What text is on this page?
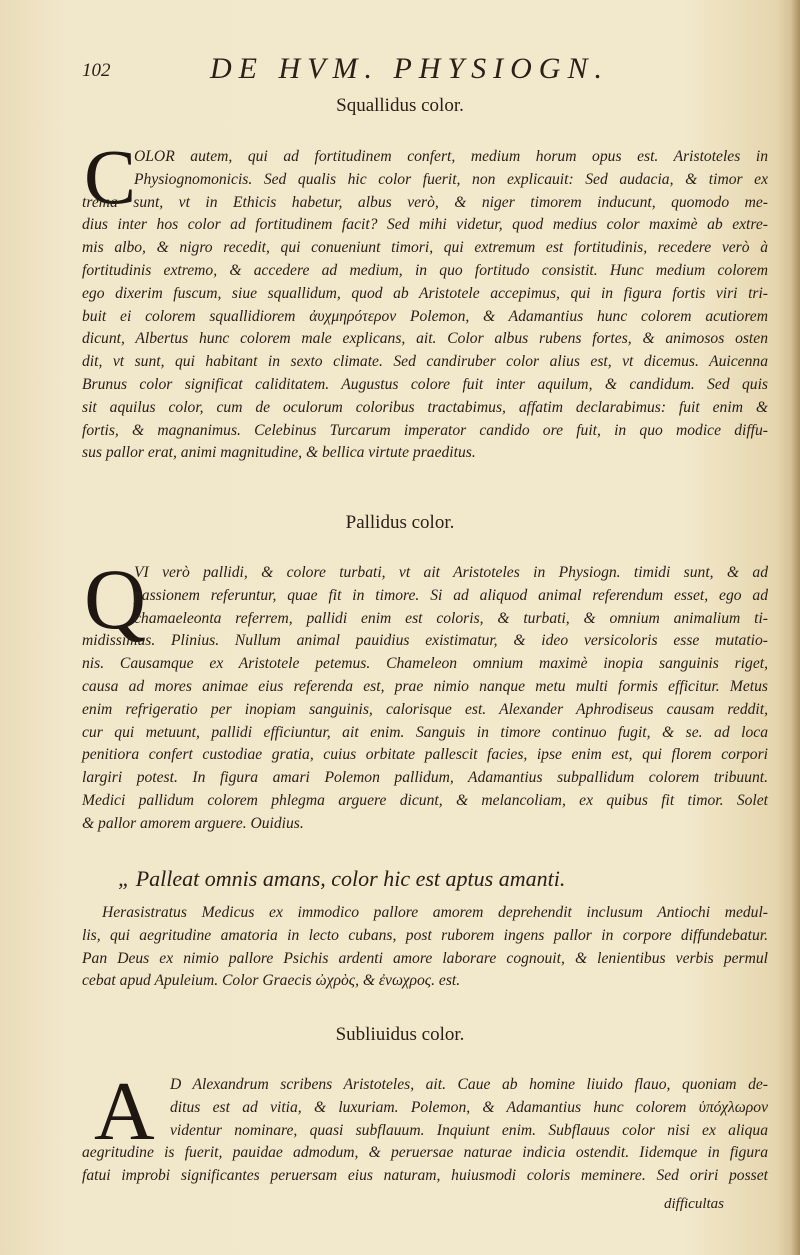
102	DE HVM. PHYSIOGN.
Squallidus color.
C
OLOR autem, qui ad fortitudinem confert, medium horum opus est. Aristoteles in
Physiognomonicis. Sed qualis hic color fuerit, non explicauit: Sed audacia, & timor ex
trema sunt, vt in Ethicis habetur, albus verò, & niger timorem inducunt, quomodo me-
dius inter hos color ad fortitudinem facit? Sed mihi videtur, quod medius color maximè ab extre-
mis albo, & nigro recedit, qui conueniunt timori, qui extremum est fortitudinis, recedere verò à
fortitudinis extremo, & accedere ad medium, in quo fortitudo consistit. Hunc medium colorem
ego dixerim fuscum, siue squallidum, quod ab Aristotele accepimus, qui in figura fortis viri tri-
buit ei colorem squallidiorem ἀυχμηρότερον Polemon, & Adamantius hunc colorem acutiorem
dicunt, Albertus hunc colorem male explicans, ait. Color albus rubens fortes, & animosos osten
dit, vt sunt, qui habitant in sexto climate. Sed candiruber color alius est, vt dicemus. Auicenna
Brunus color significat caliditatem. Augustus colore fuit inter aquilum, & candidum. Sed quis
sit aquilus color, cum de oculorum coloribus tractabimus, affatim declarabimus: fuit enim &
fortis, & magnanimus. Celebinus Turcarum imperator candido ore fuit, in quo modice diffu-
sus pallor erat, animi magnitudine, & bellica virtute praeditus.
Pallidus color.
Q
VI verò pallidi, & colore turbati, vt ait Aristoteles in Physiogn. timidi sunt, & ad
passionem referuntur, quae fit in timore. Si ad aliquod animal referendum esset, ego ad
chamaeleonta referrem, pallidi enim est coloris, & turbati, & omnium animalium ti-
midissimus. Plinius. Nullum animal pauidius existimatur, & ideo versicoloris esse mutatio-
nis. Causamque ex Aristotele petemus. Chameleon omnium maximè inopia sanguinis riget,
causa ad mores animae eius referenda est, prae nimio nanque metu multi formis efficitur. Metus
enim refrigeratio per inopiam sanguinis, calorisque est. Alexander Aphrodiseus causam reddit,
cur qui metuunt, pallidi efficiuntur, ait enim. Sanguis in timore continuo fugit, & se. ad loca
penitiora confert custodiae gratia, cuius orbitate pallescit facies, ipse enim est, qui florem corpori
largiri potest. In figura amari Polemon pallidum, Adamantius subpallidum colorem tribuunt.
Medici pallidum colorem phlegma arguere dicunt, & melancoliam, ex quibus fit timor. Solet
& pallor amorem arguere. Ouidius.
„ Palleat omnis amans, color hic est aptus amanti.
Herasistratus Medicus ex immodico pallore amorem deprehendit inclusum Antiochi medul-
lis, qui aegritudine amatoria in lecto cubans, post ruborem ingens pallor in corpore diffundebatur.
Pan Deus ex nimio pallore Psichis ardenti amore laborare cognouit, & lenientibus verbis permul
cebat apud Apuleium. Color Graecis ὠχρὸς, & ἐνωχρος. est.
Subliuidus color.
A D Alexandrum scribens Aristoteles, ait. Caue ab homine liuido flauo, quoniam de-
ditus est ad vitia, & luxuriam. Polemon, & Adamantius hunc colorem ὑπόχλωρον
videntur nominare, quasi subflauum. Inquiunt enim. Subflauus color nisi ex aliqua
aegritudine is fuerit, pauidae admodum, & peruersae naturae indicia ostendit. Iidemque in figura
fatui improbi significantes peruersam eius naturam, huiusmodi coloris meminere. Sed oriri posset
difficultas
